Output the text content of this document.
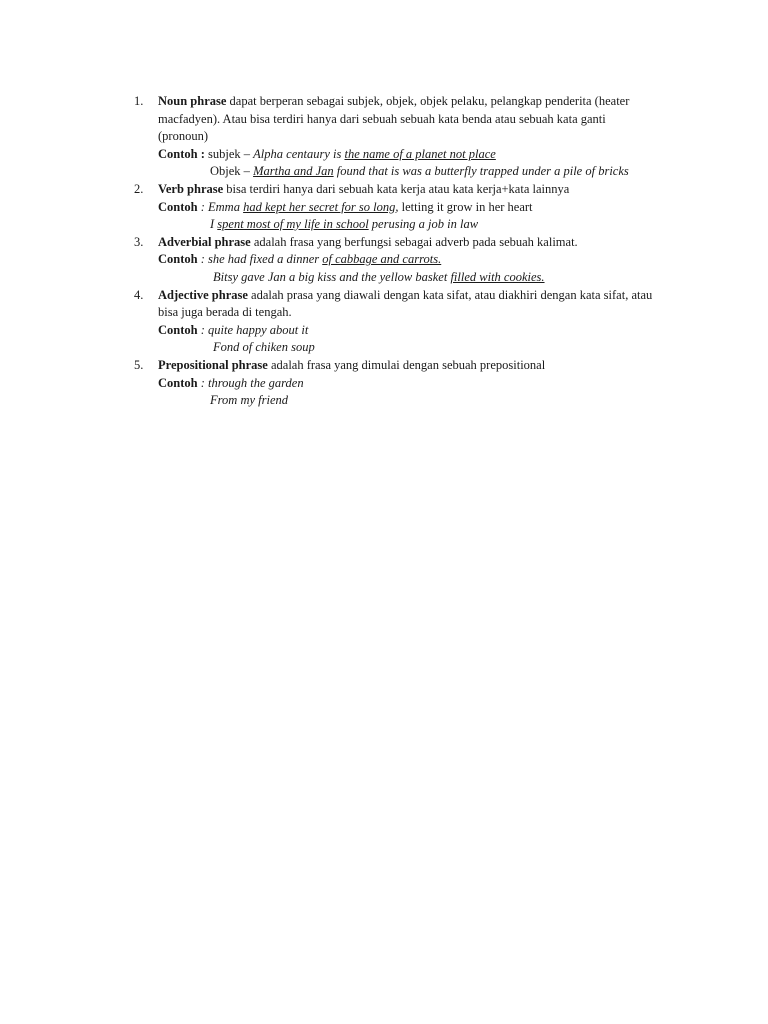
1. Noun phrase dapat berperan sebagai subjek, objek, objek pelaku, pelangkap penderita (heater macfadyen). Atau bisa terdiri hanya dari sebuah sebuah kata benda atau sebuah kata ganti (pronoun)

Contoh : subjek – Alpha centaury is the name of a planet not place

Objek – Martha and Jan found that is was a butterfly trapped under a pile of bricks

2. Verb phrase bisa terdiri hanya dari sebuah kata kerja atau kata kerja+kata lainnya

Contoh : Emma had kept her secret for so long, letting it grow in her heart

I spent most of my life in school perusing a job in law

3. Adverbial phrase adalah frasa yang berfungsi sebagai adverb pada sebuah kalimat.

Contoh : she had fixed a dinner of cabbage and carrots.

Bitsy gave Jan a big kiss and the yellow basket filled with cookies.

4. Adjective phrase adalah prasa yang diawali dengan kata sifat, atau diakhiri dengan kata sifat, atau bisa juga berada di tengah.

Contoh : quite happy about it

Fond of chiken soup

5. Prepositional phrase adalah frasa yang dimulai dengan sebuah prepositional

Contoh : through the garden

From my friend
